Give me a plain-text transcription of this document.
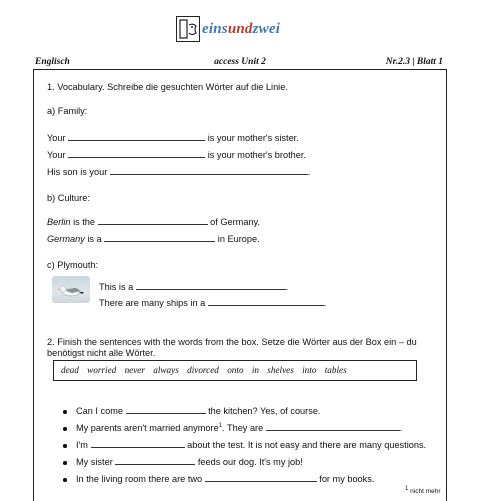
einsundzwei
Englisch	access Unit 2	Nr.2.3 | Blatt 1
1. Vocabulary. Schreibe die gesuchten Wörter auf die Linie.
a) Family:
Your	is your mother's sister.
Your	is your mother's brother.
His son is your	.
b) Culture:
Berlin is the	of Germany.
Germany is a	in Europe.
c) Plymouth:
This is a	.
There are many ships in a	.
2. Finish the sentences with the words from the box. Setze die Wörter aus der Box ein – du
benötigst nicht alle Wörter.
dead worried never always divorced onto in shelves into tables
Can I come	the kitchen? Yes, of course.
My parents aren't married anymore$^1$. They are	.
I'm	about the test. It is not easy and there are many questions.
My sister	feeds our dog. It's my job!
In the living room there are two	for my books.
$^1$ nicht mehr
